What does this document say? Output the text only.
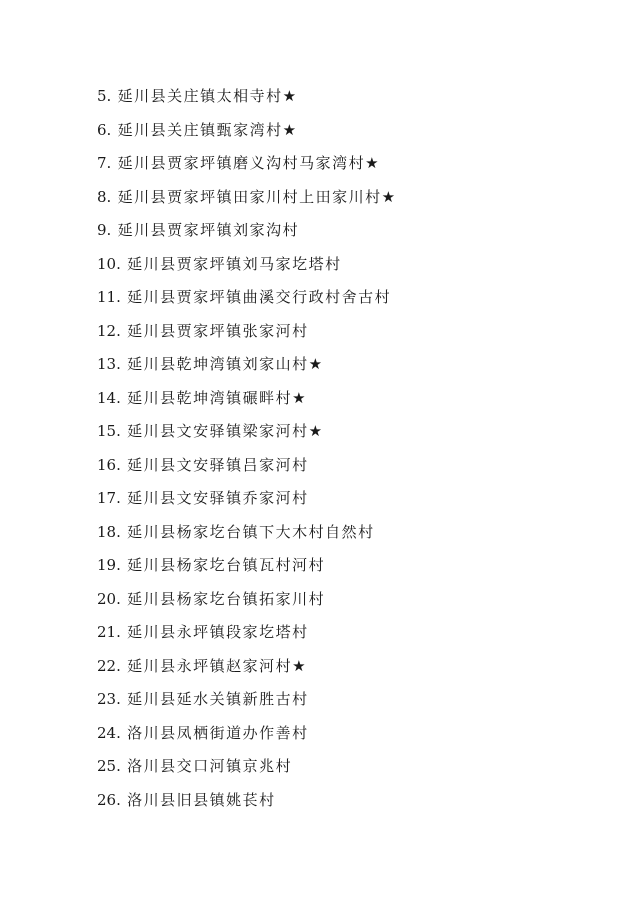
5. 延川县关庄镇太相寺村★
6. 延川县关庄镇甄家湾村★
7. 延川县贾家坪镇磨义沟村马家湾村★
8. 延川县贾家坪镇田家川村上田家川村★
9. 延川县贾家坪镇刘家沟村
10. 延川县贾家坪镇刘马家圪塔村
11. 延川县贾家坪镇曲溪交行政村舍古村
12. 延川县贾家坪镇张家河村
13. 延川县乾坤湾镇刘家山村★
14. 延川县乾坤湾镇碾畔村★
15. 延川县文安驿镇梁家河村★
16. 延川县文安驿镇吕家河村
17. 延川县文安驿镇乔家河村
18. 延川县杨家圪台镇下大木村自然村
19. 延川县杨家圪台镇瓦村河村
20. 延川县杨家圪台镇拓家川村
21. 延川县永坪镇段家圪塔村
22. 延川县永坪镇赵家河村★
23. 延川县延水关镇新胜古村
24. 洛川县凤栖街道办作善村
25. 洛川县交口河镇京兆村
26. 洛川县旧县镇姚苌村
